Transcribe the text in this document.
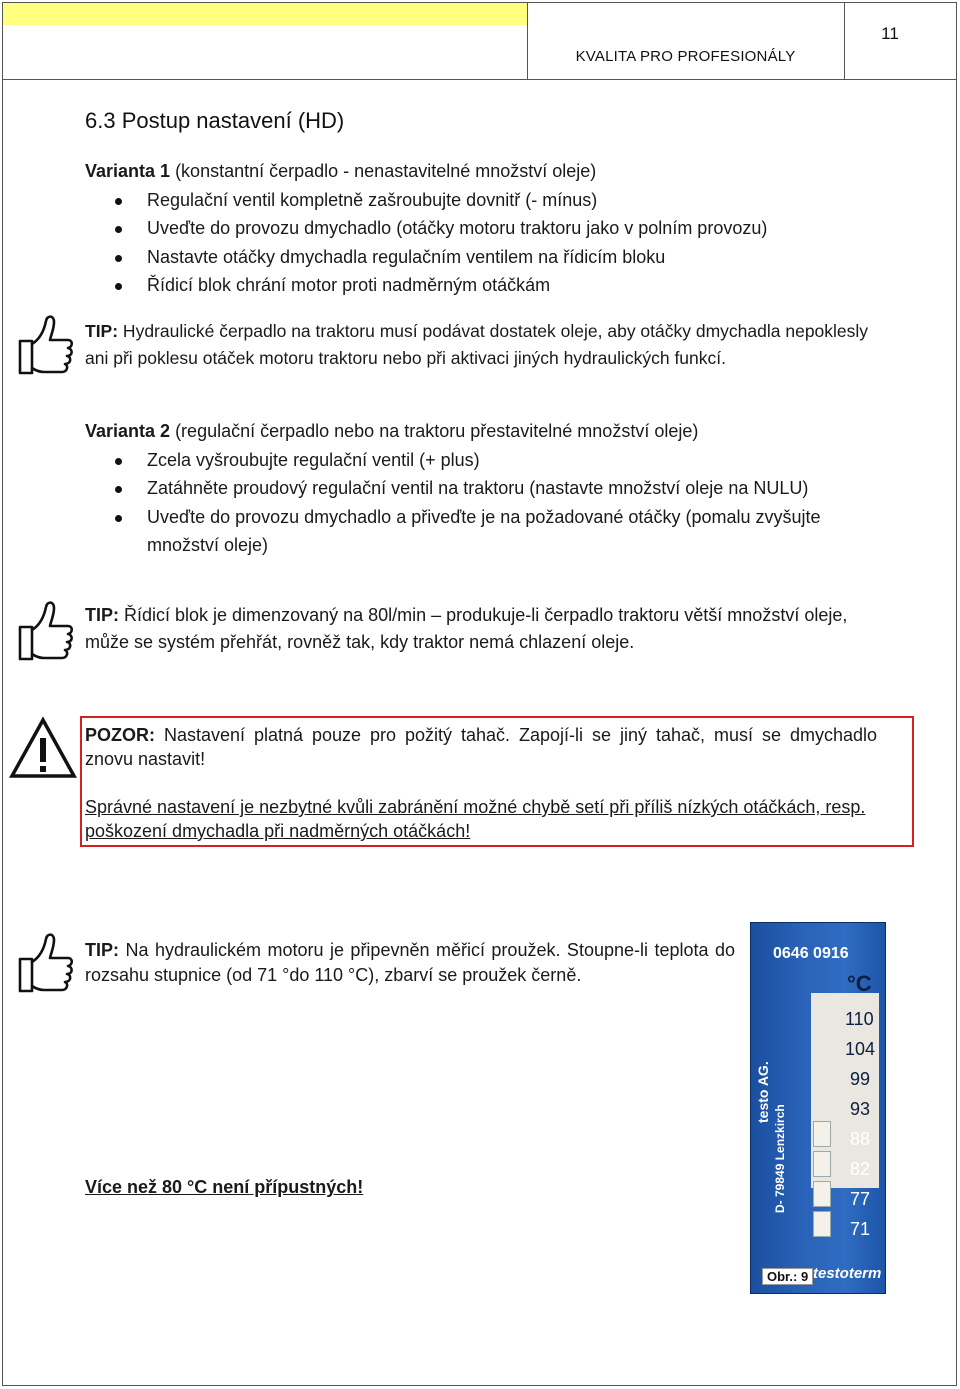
KVALITA PRO PROFESIONÁLY
11
6.3 Postup nastavení (HD)
Varianta 1 (konstantní čerpadlo - nenastavitelné množství oleje)
Regulační ventil kompletně zašroubujte dovnitř (- mínus)
Uveďte do provozu dmychadlo (otáčky motoru traktoru jako v polním provozu)
Nastavte otáčky dmychadla regulačním ventilem na řídicím bloku
Řídicí blok chrání motor proti nadměrným otáčkám
TIP: Hydraulické čerpadlo na traktoru musí podávat dostatek oleje, aby otáčky dmychadla nepoklesly ani při poklesu otáček motoru traktoru nebo při aktivaci jiných hydraulických funkcí.
Varianta 2 (regulační čerpadlo nebo na traktoru přestavitelné množství oleje)
Zcela vyšroubujte regulační ventil (+ plus)
Zatáhněte proudový regulační ventil na traktoru (nastavte množství oleje na NULU)
Uveďte do provozu dmychadlo a přiveďte je na požadované otáčky (pomalu zvyšujte množství oleje)
TIP: Řídicí blok je dimenzovaný na 80l/min – produkuje-li čerpadlo traktoru větší množství oleje, může se systém přehřát, rovněž tak, kdy traktor nemá chlazení oleje.
POZOR: Nastavení platná pouze pro požitý tahač. Zapojí-li se jiný tahač, musí se dmychadlo znovu nastavit!
Správné nastavení je nezbytné kvůli zabránění možné chybě setí při příliš nízkých otáčkách, resp. poškození dmychadla při nadměrných otáčkách!
TIP: Na hydraulickém motoru je připevněn měřicí proužek. Stoupne-li teplota do rozsahu stupnice (od 71 °do 110 °C), zbarví se proužek černě.
Více než 80 °C není přípustných!
0646 0916
°C
110
104
99
93
88
82
77
71
testo AG.
D- 79849 Lenzkirch
testoterm
Obr.: 9
